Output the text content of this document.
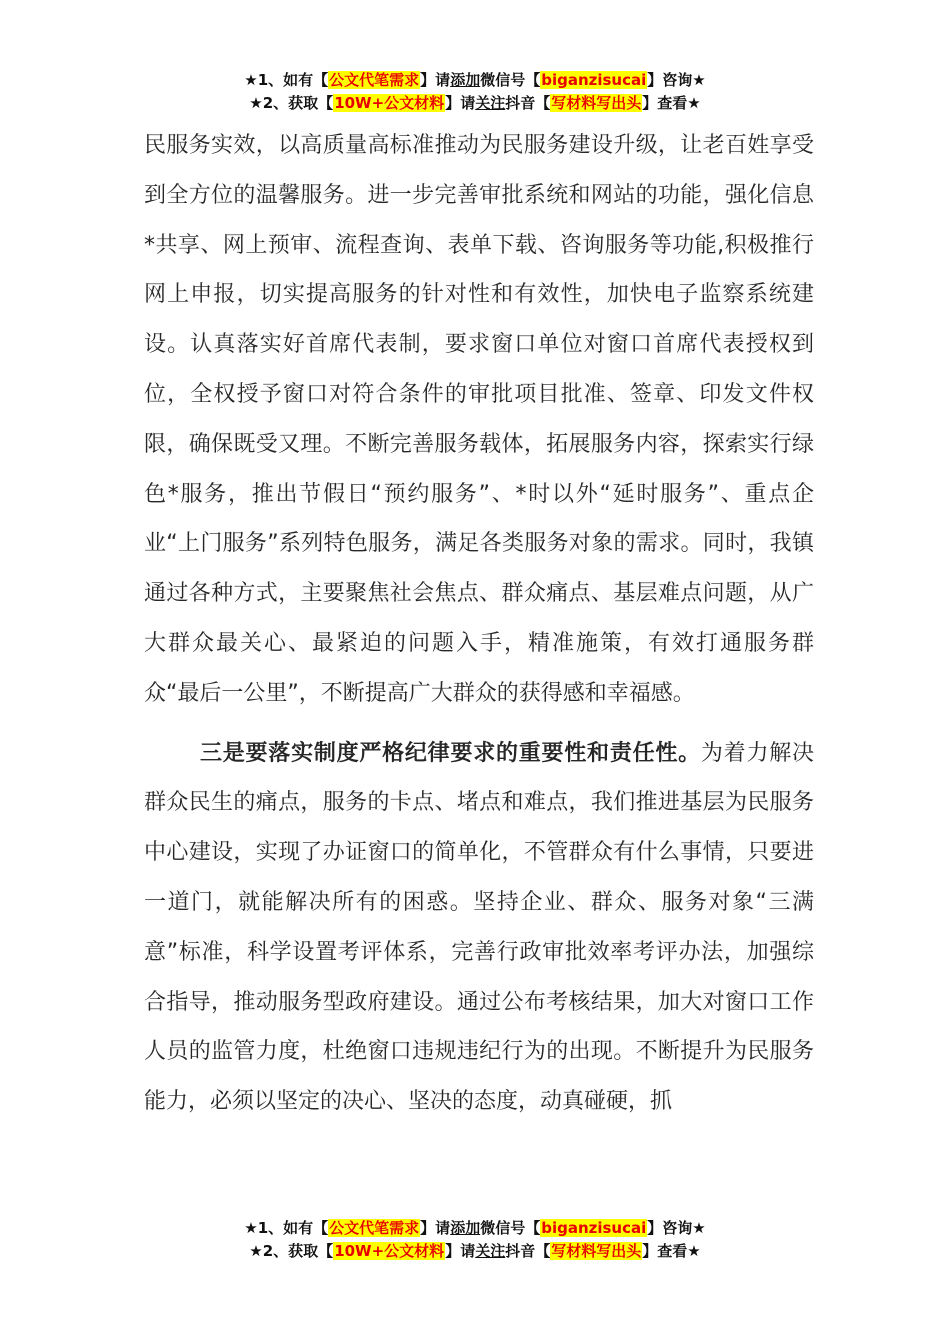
★1、如有【公文代笔需求】请添加微信号【biganzisucai】咨询★
★2、获取【10W+公文材料】请关注抖音【写材料写出头】查看★

民服务实效，以高质量高标准推动为民服务建设升级，让老百姓享受到全方位的温馨服务。进一步完善审批系统和网站的功能，强化信息*共享、网上预审、流程查询、表单下载、咨询服务等功能,积极推行网上申报，切实提高服务的针对性和有效性，加快电子监察系统建设。认真落实好首席代表制，要求窗口单位对窗口首席代表授权到位，全权授予窗口对符合条件的审批项目批准、签章、印发文件权限，确保既受又理。不断完善服务载体，拓展服务内容，探索实行绿色*服务，推出节假日“预约服务”、*时以外“延时服务”、重点企业“上门服务”系列特色服务，满足各类服务对象的需求。同时，我镇通过各种方式，主要聚焦社会焦点、群众痛点、基层难点问题，从广大群众最关心、最紧迫的问题入手，精准施策，有效打通服务群众“最后一公里”，不断提高广大群众的获得感和幸福感。

三是要落实制度严格纪律要求的重要性和责任性。为着力解决群众民生的痛点，服务的卡点、堵点和难点，我们推进基层为民服务中心建设，实现了办证窗口的简单化，不管群众有什么事情，只要进一道门，就能解决所有的困惑。坚持企业、群众、服务对象“三满意”标准，科学设置考评体系，完善行政审批效率考评办法，加强综合指导，推动服务型政府建设。通过公布考核结果，加大对窗口工作人员的监管力度，杜绝窗口违规违纪行为的出现。不断提升为民服务能力，必须以坚定的决心、坚决的态度，动真碰硬，抓

★1、如有【公文代笔需求】请添加微信号【biganzisucai】咨询★
★2、获取【10W+公文材料】请关注抖音【写材料写出头】查看★
